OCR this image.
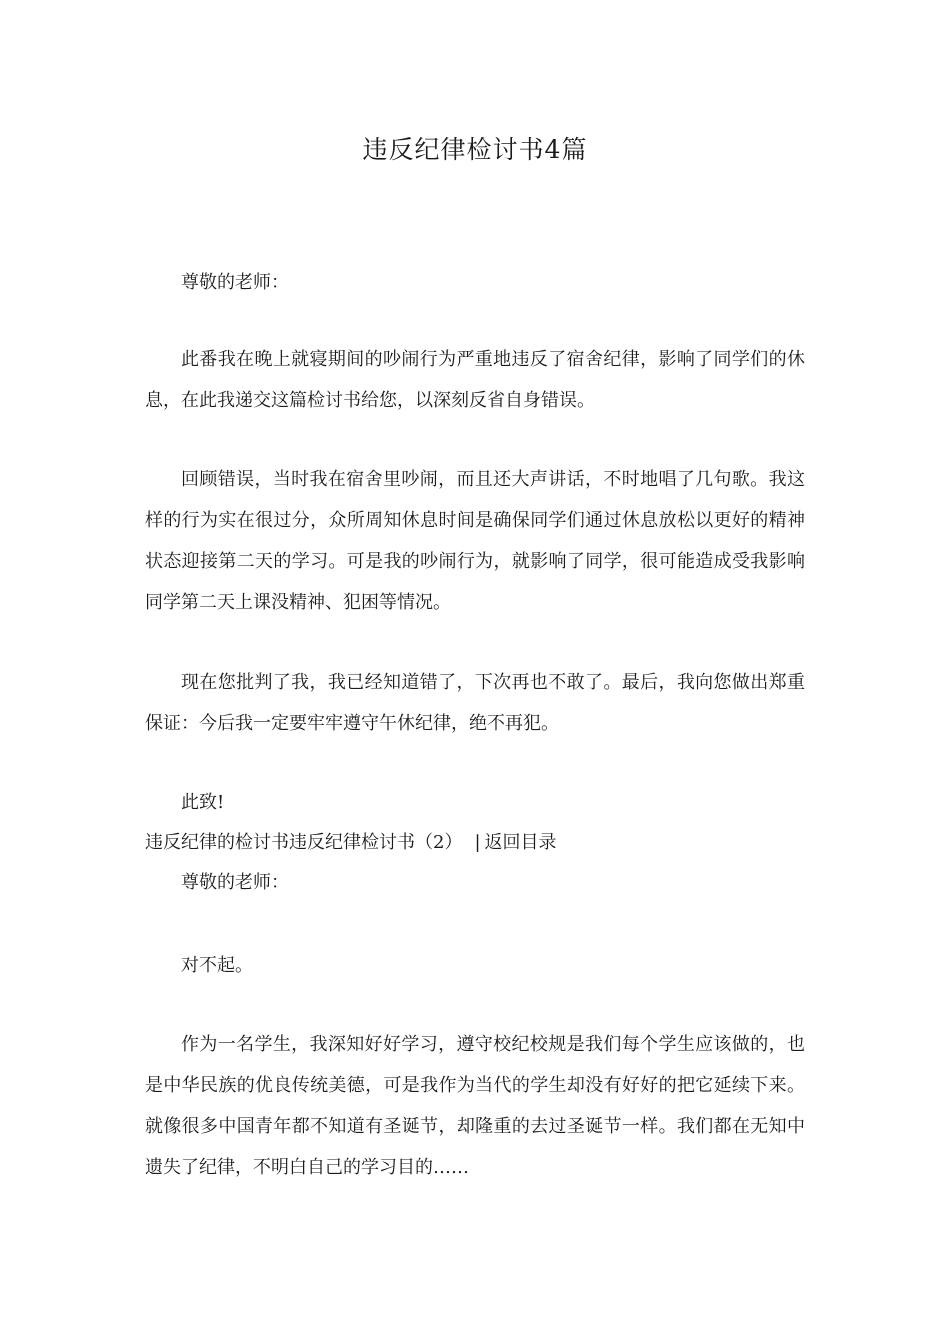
违反纪律检讨书4篇

尊敬的老师：

此番我在晚上就寝期间的吵闹行为严重地违反了宿舍纪律，影响了同学们的休息，在此我递交这篇检讨书给您，以深刻反省自身错误。

回顾错误，当时我在宿舍里吵闹，而且还大声讲话，不时地唱了几句歌。我这样的行为实在很过分，众所周知休息时间是确保同学们通过休息放松以更好的精神状态迎接第二天的学习。可是我的吵闹行为，就影响了同学，很可能造成受我影响同学第二天上课没精神、犯困等情况。

现在您批判了我，我已经知道错了，下次再也不敢了。最后，我向您做出郑重保证：今后我一定要牢牢遵守午休纪律，绝不再犯。

此致!

违反纪律的检讨书违反纪律检讨书（2） | 返回目录

尊敬的老师：

对不起。

作为一名学生，我深知好好学习，遵守校纪校规是我们每个学生应该做的，也是中华民族的优良传统美德，可是我作为当代的学生却没有好好的把它延续下来。就像很多中国青年都不知道有圣诞节，却隆重的去过圣诞节一样。我们都在无知中遗失了纪律，不明白自己的学习目的……
